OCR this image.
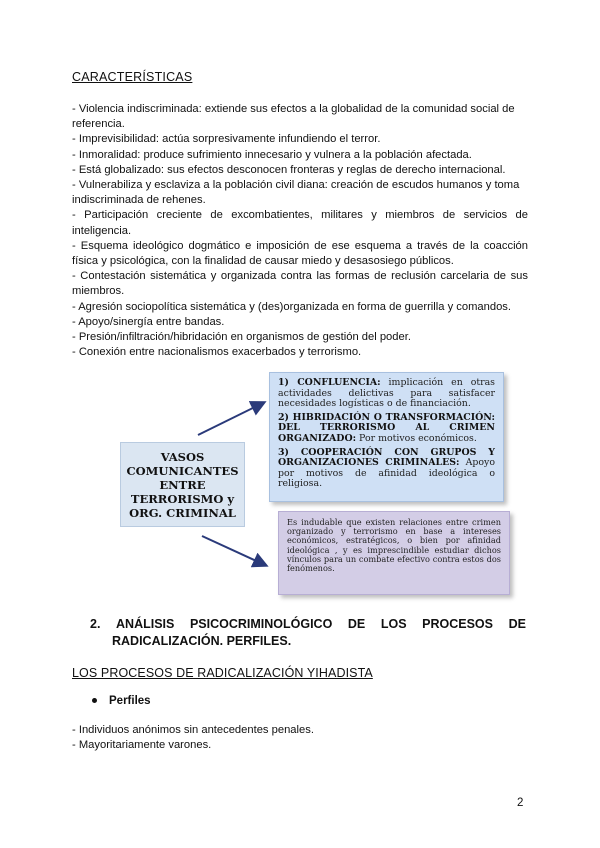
CARACTERÍSTICAS
- Violencia indiscriminada: extiende sus efectos a la globalidad de la comunidad social de
referencia.
- Imprevisibilidad: actúa sorpresivamente infundiendo el terror.
- Inmoralidad: produce sufrimiento innecesario y vulnera a la población afectada.
- Está globalizado: sus efectos desconocen fronteras y reglas de derecho internacional.
- Vulnerabiliza y esclaviza a la población civil diana: creación de escudos humanos y toma
indiscriminada de rehenes.
- Participación creciente de excombatientes, militares y miembros de servicios de
inteligencia.
- Esquema ideológico dogmático e imposición de ese esquema a través de la coacción
física y psicológica, con la finalidad de causar miedo y desasosiego públicos.
- Contestación sistemática y organizada contra las formas de reclusión carcelaria de sus
miembros.
- Agresión sociopolítica sistemática y (des)organizada en forma de guerrilla y comandos.
- Apoyo/sinergía entre bandas.
- Presión/infiltración/hibridación en organismos de gestión del poder.
- Conexión entre nacionalismos exacerbados y terrorismo.
VASOS COMUNICANTES ENTRE TERRORISMO y ORG. CRIMINAL
1) CONFLUENCIA: implicación en otras actividades delictivas para satisfacer necesidades logísticas o de financiación.
2) HIBRIDACIÓN O TRANSFORMACIÓN: DEL TERRORISMO AL CRIMEN ORGANIZADO: Por motivos económicos.
3) COOPERACIÓN CON GRUPOS Y ORGANIZACIONES CRIMINALES: Apoyo por motivos de afinidad ideológica o religiosa.
Es indudable que existen relaciones entre crimen organizado y terrorismo en base a intereses económicos, estratégicos, o bien por afinidad ideológica , y es imprescindible estudiar dichos vínculos para un combate efectivo contra estos dos fenómenos.
2. ANÁLISIS PSICOCRIMINOLÓGICO DE LOS PROCESOS DE
RADICALIZACIÓN. PERFILES.
LOS PROCESOS DE RADICALIZACIÓN YIHADISTA
Perfiles
- Individuos anónimos sin antecedentes penales.
- Mayoritariamente varones.
2
